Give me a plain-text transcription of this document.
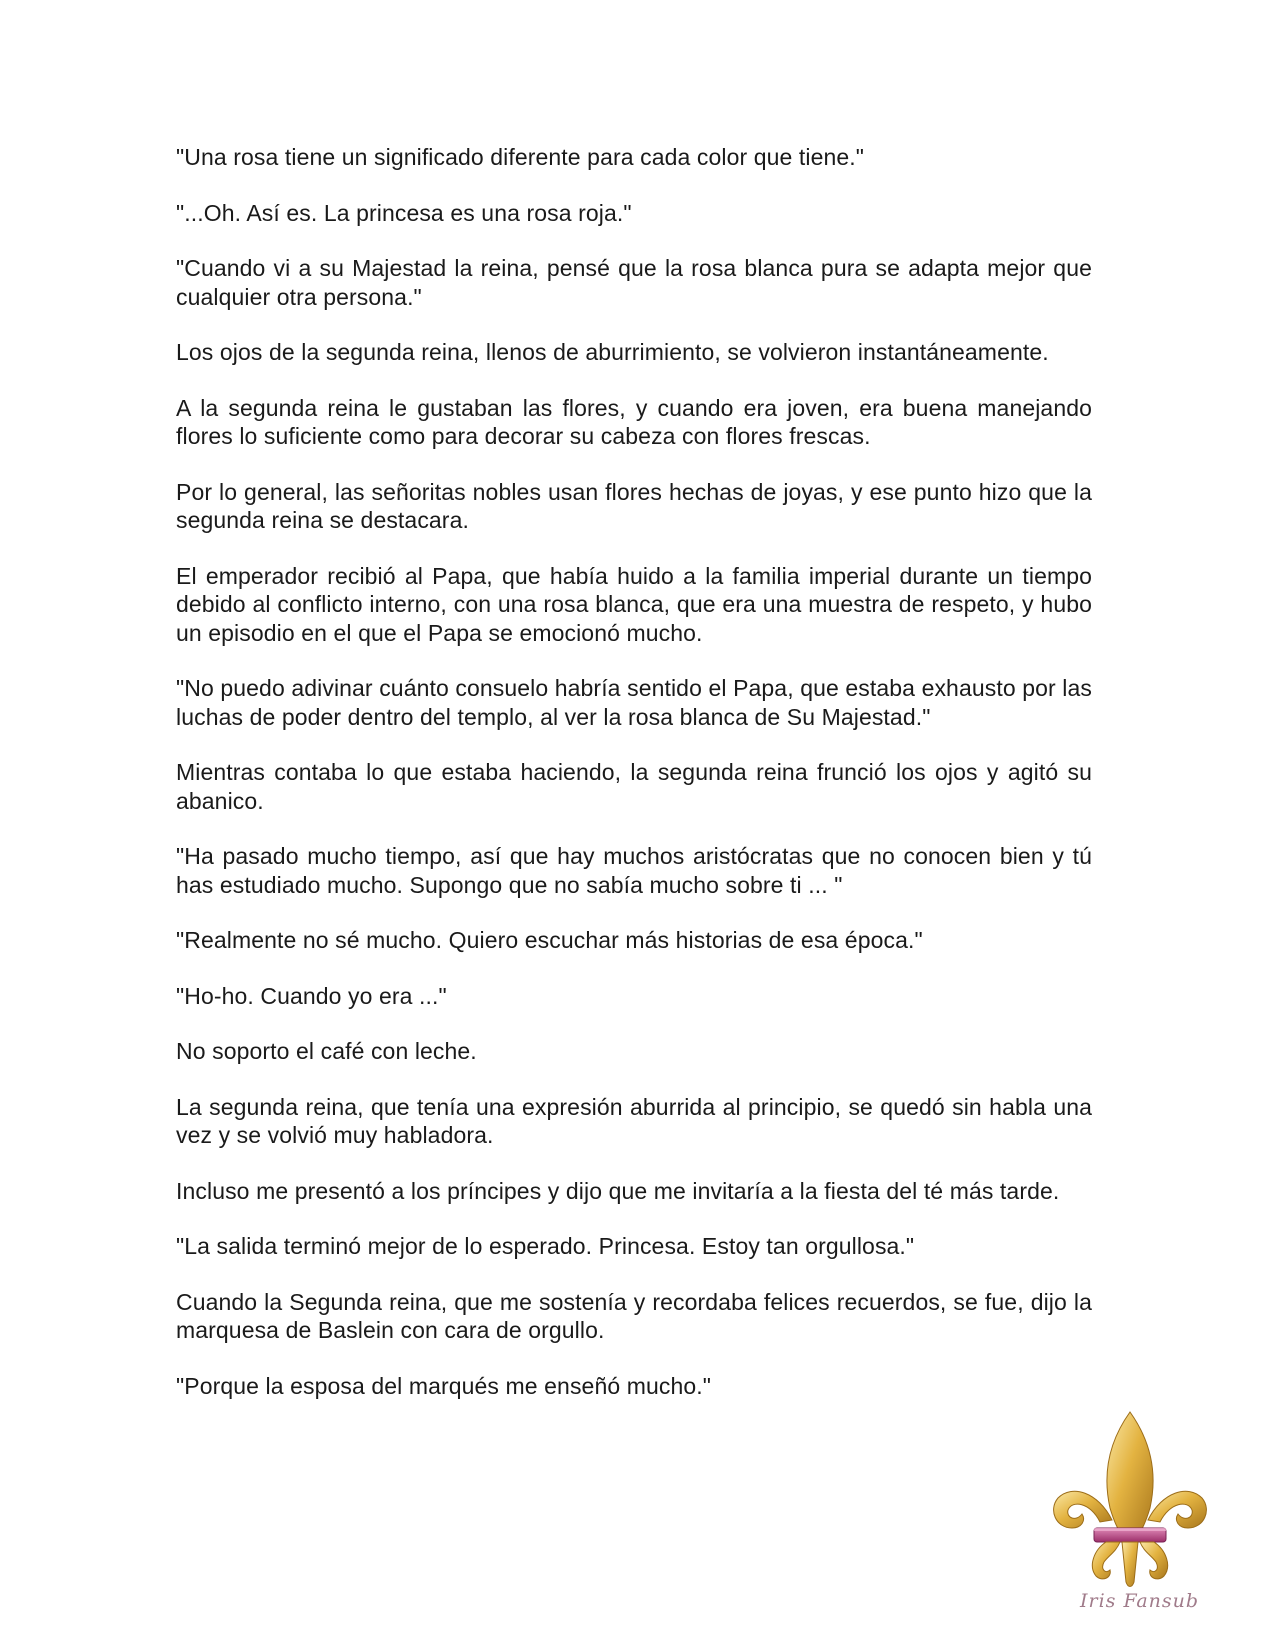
"Una rosa tiene un significado diferente para cada color que tiene."

"...Oh. Así es. La princesa es una rosa roja."

"Cuando vi a su Majestad la reina, pensé que la rosa blanca pura se adapta mejor que cualquier otra persona."

Los ojos de la segunda reina, llenos de aburrimiento, se volvieron instantáneamente.

A la segunda reina le gustaban las flores, y cuando era joven, era buena manejando flores lo suficiente como para decorar su cabeza con flores frescas.

Por lo general, las señoritas nobles usan flores hechas de joyas, y ese punto hizo que la segunda reina se destacara.

El emperador recibió al Papa, que había huido a la familia imperial durante un tiempo debido al conflicto interno, con una rosa blanca, que era una muestra de respeto, y hubo un episodio en el que el Papa se emocionó mucho.

"No puedo adivinar cuánto consuelo habría sentido el Papa, que estaba exhausto por las luchas de poder dentro del templo, al ver la rosa blanca de Su Majestad."

Mientras contaba lo que estaba haciendo, la segunda reina frunció los ojos y agitó su abanico.

"Ha pasado mucho tiempo, así que hay muchos aristócratas que no conocen bien y tú has estudiado mucho. Supongo que no sabía mucho sobre ti ... "

"Realmente no sé mucho. Quiero escuchar más historias de esa época."

"Ho-ho. Cuando yo era ..."

No soporto el café con leche.

La segunda reina, que tenía una expresión aburrida al principio, se quedó sin habla una vez y se volvió muy habladora.

Incluso me presentó a los príncipes y dijo que me invitaría a la fiesta del té más tarde.

"La salida terminó mejor de lo esperado. Princesa. Estoy tan orgullosa."

Cuando la Segunda reina, que me sostenía y recordaba felices recuerdos, se fue, dijo la marquesa de Baslein con cara de orgullo.

"Porque la esposa del marqués me enseñó mucho."

Iris Fansub
